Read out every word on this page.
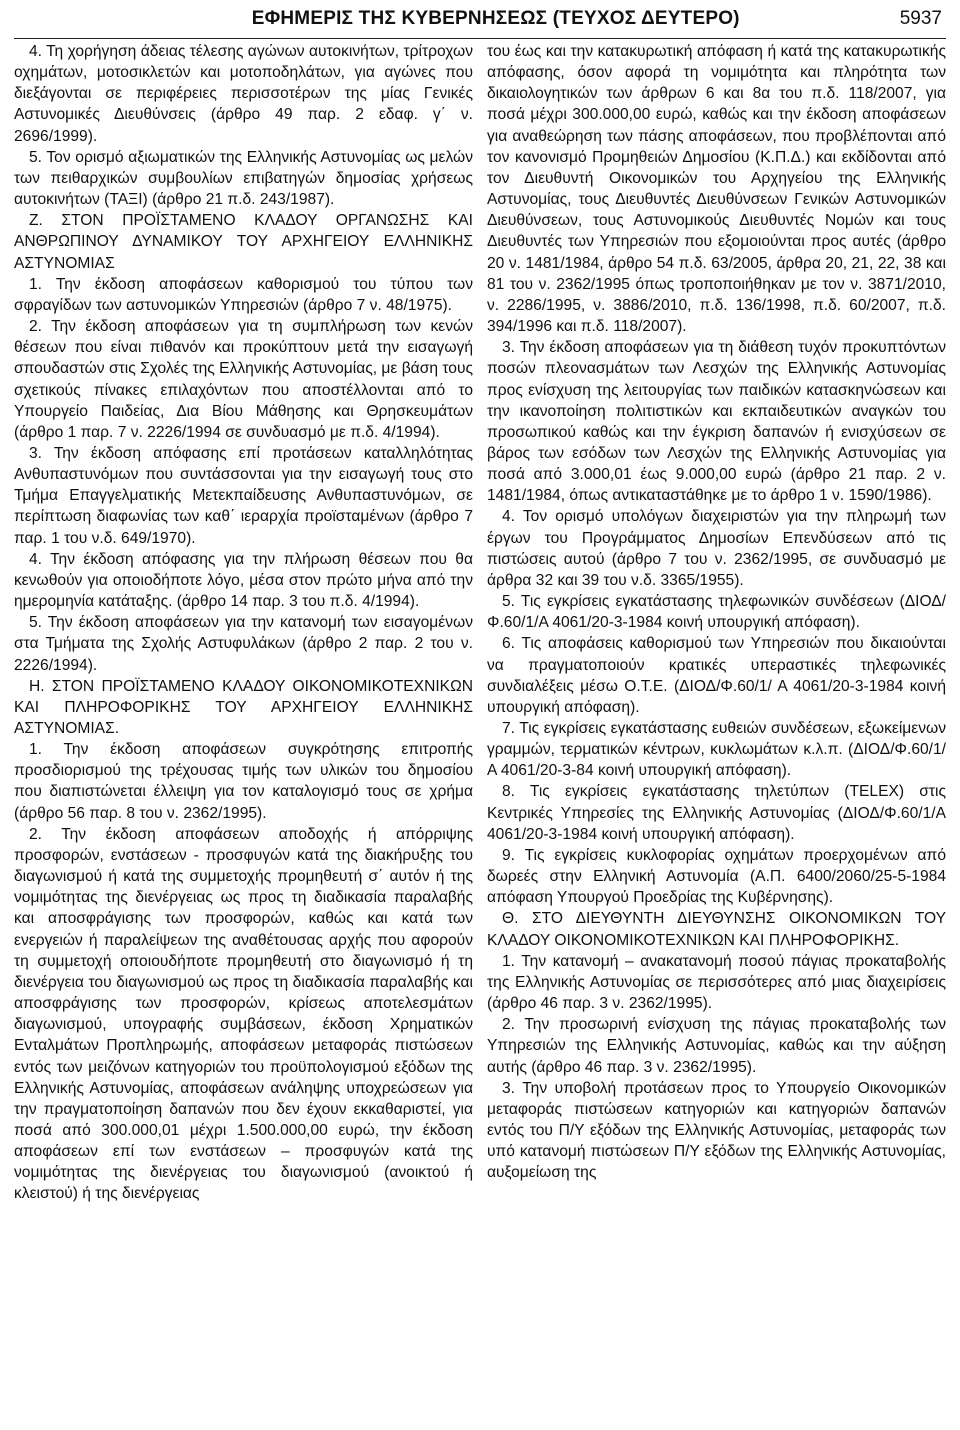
ΕΦΗΜΕΡΙΣ ΤΗΣ ΚΥΒΕΡΝΗΣΕΩΣ (ΤΕΥΧΟΣ ΔΕΥΤΕΡΟ)	5937

4. Τη χορήγηση άδειας τέλεσης αγώνων αυτοκινήτων, τρίτροχων οχημάτων, μοτοσικλετών και μοτοποδηλάτων, για αγώνες που διεξάγονται σε περιφέρειες περισσοτέρων της μίας Γενικές Αστυνομικές Διευθύνσεις (άρθρο 49 παρ. 2 εδαφ. γ΄ ν. 2696/1999).

5. Τον ορισμό αξιωματικών της Ελληνικής Αστυνομίας ως μελών των πειθαρχικών συμβουλίων επιβατηγών δημοσίας χρήσεως αυτοκινήτων (ΤΑΞΙ) (άρθρο 21 π.δ. 243/1987).

Ζ. ΣΤΟΝ ΠΡΟΪΣΤΑΜΕΝΟ ΚΛΑΔΟΥ ΟΡΓΑΝΩΣΗΣ ΚΑΙ ΑΝΘΡΩΠΙΝΟΥ ΔΥΝΑΜΙΚΟΥ ΤΟΥ ΑΡΧΗΓΕΙΟΥ ΕΛΛΗΝΙΚΗΣ ΑΣΤΥΝΟΜΙΑΣ

1. Την έκδοση αποφάσεων καθορισμού του τύπου των σφραγίδων των αστυνομικών Υπηρεσιών (άρθρο 7 ν. 48/1975).

2. Την έκδοση αποφάσεων για τη συμπλήρωση των κενών θέσεων που είναι πιθανόν και προκύπτουν μετά την εισαγωγή σπουδαστών στις Σχολές της Ελληνικής Αστυνομίας, με βάση τους σχετικούς πίνακες επιλαχόντων που αποστέλλονται από το Υπουργείο Παιδείας, Δια Βίου Μάθησης και Θρησκευμάτων (άρθρο 1 παρ. 7 ν. 2226/1994 σε συνδυασμό με π.δ. 4/1994).

3. Την έκδοση απόφασης επί προτάσεων καταλληλότητας Ανθυπαστυνόμων που συντάσσονται για την εισαγωγή τους στο Τμήμα Επαγγελματικής Μετεκπαίδευσης Ανθυπαστυνόμων, σε περίπτωση διαφωνίας των καθ΄ ιεραρχία προϊσταμένων (άρθρο 7 παρ. 1 του ν.δ. 649/1970).

4. Την έκδοση απόφασης για την πλήρωση θέσεων που θα κενωθούν για οποιοδήποτε λόγο, μέσα στον πρώτο μήνα από την ημερομηνία κατάταξης. (άρθρο 14 παρ. 3 του π.δ. 4/1994).

5. Την έκδοση αποφάσεων για την κατανομή των εισαγομένων στα Τμήματα της Σχολής Αστυφυλάκων (άρθρο 2 παρ. 2 του ν. 2226/1994).

Η. ΣΤΟΝ ΠΡΟΪΣΤΑΜΕΝΟ ΚΛΑΔΟΥ ΟΙΚΟΝΟΜΙΚΟΤΕΧΝΙΚΩΝ ΚΑΙ ΠΛΗΡΟΦΟΡΙΚΗΣ ΤΟΥ ΑΡΧΗΓΕΙΟΥ ΕΛΛΗΝΙΚΗΣ ΑΣΤΥΝΟΜΙΑΣ.

1. Την έκδοση αποφάσεων συγκρότησης επιτροπής προσδιορισμού της τρέχουσας τιμής των υλικών του δημοσίου που διαπιστώνεται έλλειψη για τον καταλογισμό τους σε χρήμα (άρθρο 56 παρ. 8 του ν. 2362/1995).

2. Την έκδοση αποφάσεων αποδοχής ή απόρριψης προσφορών, ενστάσεων - προσφυγών κατά της διακήρυξης του διαγωνισμού ή κατά της συμμετοχής προμηθευτή σ΄ αυτόν ή της νομιμότητας της διενέργειας ως προς τη διαδικασία παραλαβής και αποσφράγισης των προσφορών, καθώς και κατά των ενεργειών ή παραλείψεων της αναθέτουσας αρχής που αφορούν τη συμμετοχή οποιουδήποτε προμηθευτή στο διαγωνισμό ή τη διενέργεια του διαγωνισμού ως προς τη διαδικασία παραλαβής και αποσφράγισης των προσφορών, κρίσεως αποτελεσμάτων διαγωνισμού, υπογραφής συμβάσεων, έκδοση Χρηματικών Ενταλμάτων Προπληρωμής, αποφάσεων μεταφοράς πιστώσεων εντός των μειζόνων κατηγοριών του προϋπολογισμού εξόδων της Ελληνικής Αστυνομίας, αποφάσεων ανάληψης υποχρεώσεων για την πραγματοποίηση δαπανών που δεν έχουν εκκαθαριστεί, για ποσά από 300.000,01 μέχρι 1.500.000,00 ευρώ, την έκδοση αποφάσεων επί των ενστάσεων – προσφυγών κατά της νομιμότητας της διενέργειας του διαγωνισμού (ανοικτού ή κλειστού) ή της διενέργειας

του έως και την κατακυρωτική απόφαση ή κατά της κατακυρωτικής απόφασης, όσον αφορά τη νομιμότητα και πληρότητα των δικαιολογητικών των άρθρων 6 και 8α του π.δ. 118/2007, για ποσά μέχρι 300.000,00 ευρώ, καθώς και την έκδοση αποφάσεων για αναθεώρηση των πάσης αποφάσεων, που προβλέπονται από τον κανονισμό Προμηθειών Δημοσίου (Κ.Π.Δ.) και εκδίδονται από τον Διευθυντή Οικονομικών του Αρχηγείου της Ελληνικής Αστυνομίας, τους Διευθυντές Διευθύνσεων Γενικών Αστυνομικών Διευθύνσεων, τους Αστυνομικούς Διευθυντές Νομών και τους Διευθυντές των Υπηρεσιών που εξομοιούνται προς αυτές (άρθρο 20 ν. 1481/1984, άρθρο 54 π.δ. 63/2005, άρθρα 20, 21, 22, 38 και 81 του ν. 2362/1995 όπως τροποποιήθηκαν με τον ν. 3871/2010, ν. 2286/1995, ν. 3886/2010, π.δ. 136/1998, π.δ. 60/2007, π.δ. 394/1996 και π.δ. 118/2007).

3. Την έκδοση αποφάσεων για τη διάθεση τυχόν προκυπτόντων ποσών πλεονασμάτων των Λεσχών της Ελληνικής Αστυνομίας προς ενίσχυση της λειτουργίας των παιδικών κατασκηνώσεων και την ικανοποίηση πολιτιστικών και εκπαιδευτικών αναγκών του προσωπικού καθώς και την έγκριση δαπανών ή ενισχύσεων σε βάρος των εσόδων των Λεσχών της Ελληνικής Αστυνομίας για ποσά από 3.000,01 έως 9.000,00 ευρώ (άρθρο 21 παρ. 2 ν. 1481/1984, όπως αντικαταστάθηκε με το άρθρο 1 ν. 1590/1986).

4. Τον ορισμό υπολόγων διαχειριστών για την πληρωμή των έργων του Προγράμματος Δημοσίων Επενδύσεων από τις πιστώσεις αυτού (άρθρο 7 του ν. 2362/1995, σε συνδυασμό με άρθρα 32 και 39 του ν.δ. 3365/1955).

5. Τις εγκρίσεις εγκατάστασης τηλεφωνικών συνδέσεων (ΔΙΟΔ/Φ.60/1/Α 4061/20-3-1984 κοινή υπουργική απόφαση).

6. Τις αποφάσεις καθορισμού των Υπηρεσιών που δικαιούνται να πραγματοποιούν κρατικές υπεραστικές τηλεφωνικές συνδιαλέξεις μέσω Ο.Τ.Ε. (ΔΙΟΔ/Φ.60/1/ Α 4061/20-3-1984 κοινή υπουργική απόφαση).

7. Τις εγκρίσεις εγκατάστασης ευθειών συνδέσεων, εξωκείμενων γραμμών, τερματικών κέντρων, κυκλωμάτων κ.λ.π. (ΔΙΟΔ/Φ.60/1/Α 4061/20-3-84 κοινή υπουργική απόφαση).

8. Τις εγκρίσεις εγκατάστασης τηλετύπων (TELEX) στις Κεντρικές Υπηρεσίες της Ελληνικής Αστυνομίας (ΔΙΟΔ/Φ.60/1/Α 4061/20-3-1984 κοινή υπουργική απόφαση).

9. Τις εγκρίσεις κυκλοφορίας οχημάτων προερχομένων από δωρεές στην Ελληνική Αστυνομία (Α.Π. 6400/2060/25-5-1984 απόφαση Υπουργού Προεδρίας της Κυβέρνησης).

Θ. ΣΤΟ ΔΙΕΥΘΥΝΤΗ ΔΙΕΥΘΥΝΣΗΣ ΟΙΚΟΝΟΜΙΚΩΝ ΤΟΥ ΚΛΑΔΟΥ ΟΙΚΟΝΟΜΙΚΟΤΕΧΝΙΚΩΝ ΚΑΙ ΠΛΗΡΟΦΟΡΙΚΗΣ.

1. Την κατανομή – ανακατανομή ποσού πάγιας προκαταβολής της Ελληνικής Αστυνομίας σε περισσότερες από μιας διαχειρίσεις (άρθρο 46 παρ. 3 ν. 2362/1995).

2. Την προσωρινή ενίσχυση της πάγιας προκαταβολής των Υπηρεσιών της Ελληνικής Αστυνομίας, καθώς και την αύξηση αυτής (άρθρο 46 παρ. 3 ν. 2362/1995).

3. Την υποβολή προτάσεων προς το Υπουργείο Οικονομικών μεταφοράς πιστώσεων κατηγοριών και κατηγοριών δαπανών εντός του Π/Υ εξόδων της Ελληνικής Αστυνομίας, μεταφοράς των υπό κατανομή πιστώσεων Π/Υ εξόδων της Ελληνικής Αστυνομίας, αυξομείωση της
